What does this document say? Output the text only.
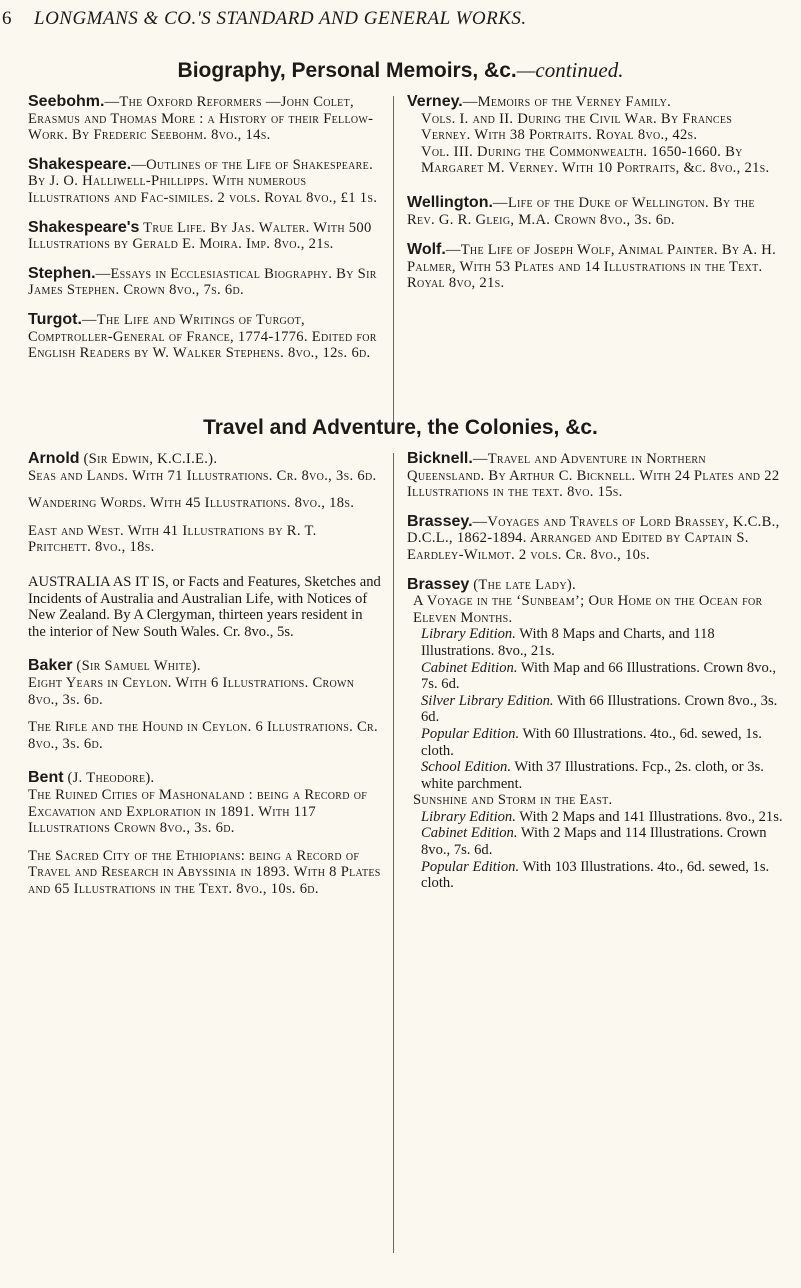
6 LONGMANS & CO.'S STANDARD AND GENERAL WORKS.
Biography, Personal Memoirs, &c.—continued.

Seebohm.—The Oxford Reformers —John Colet, Erasmus and Thomas More : a History of their Fellow-Work. By Frederic Seebohm. 8vo., 14s.

Shakespeare.—Outlines of the Life of Shakespeare. By J. O. Halliwell-Phillipps. With numerous Illustrations and Fac-similes. 2 vols. Royal 8vo., £1 1s.

Shakespeare's True Life. By Jas. Walter. With 500 Illustrations by Gerald E. Moira. Imp. 8vo., 21s.

Stephen.—Essays in Ecclesiastical Biography. By Sir James Stephen. Crown 8vo., 7s. 6d.

Turgot.—The Life and Writings of Turgot, Comptroller-General of France, 1774-1776. Edited for English Readers by W. Walker Stephens. 8vo., 12s. 6d.

Verney.—Memoirs of the Verney Family.

Vols. I. and II. During the Civil War. By Frances Verney. With 38 Portraits. Royal 8vo., 42s.

Vol. III. During the Commonwealth. 1650-1660. By Margaret M. Verney. With 10 Portraits, &c. 8vo., 21s.

Wellington.—Life of the Duke of Wellington. By the Rev. G. R. Gleig, M.A. Crown 8vo., 3s. 6d.

Wolf.—The Life of Joseph Wolf, Animal Painter. By A. H. Palmer, With 53 Plates and 14 Illustrations in the Text. Royal 8vo, 21s.

Travel and Adventure, the Colonies, &c.

Arnold (Sir Edwin, K.C.I.E.).

Seas and Lands. With 71 Illustrations. Cr. 8vo., 3s. 6d.

Wandering Words. With 45 Illustrations. 8vo., 18s.

East and West. With 41 Illustrations by R. T. Pritchett. 8vo., 18s.

AUSTRALIA AS IT IS, or Facts and Features, Sketches and Incidents of Australia and Australian Life, with Notices of New Zealand. By A Clergyman, thirteen years resident in the interior of New South Wales. Cr. 8vo., 5s.

Baker (Sir Samuel White).

Eight Years in Ceylon. With 6 Illustrations. Crown 8vo., 3s. 6d.

The Rifle and the Hound in Ceylon. 6 Illustrations. Cr. 8vo., 3s. 6d.

Bent (J. Theodore).

The Ruined Cities of Mashonaland : being a Record of Excavation and Exploration in 1891. With 117 Illustrations Crown 8vo., 3s. 6d.

The Sacred City of the Ethiopians: being a Record of Travel and Research in Abyssinia in 1893. With 8 Plates and 65 Illustrations in the Text. 8vo., 10s. 6d.

Bicknell.—Travel and Adventure in Northern Queensland. By Arthur C. Bicknell. With 24 Plates and 22 Illustrations in the text. 8vo. 15s.

Brassey.—Voyages and Travels of Lord Brassey, K.C.B., D.C.L., 1862-1894. Arranged and Edited by Captain S. Eardley-Wilmot. 2 vols. Cr. 8vo., 10s.

Brassey (The late Lady).

A Voyage in the ‘Sunbeam’; Our Home on the Ocean for Eleven Months.

Library Edition. With 8 Maps and Charts, and 118 Illustrations. 8vo., 21s.

Cabinet Edition. With Map and 66 Illustrations. Crown 8vo., 7s. 6d.

Silver Library Edition. With 66 Illustrations. Crown 8vo., 3s. 6d.

Popular Edition. With 60 Illustrations. 4to., 6d. sewed, 1s. cloth.

School Edition. With 37 Illustrations. Fcp., 2s. cloth, or 3s. white parchment.

Sunshine and Storm in the East.

Library Edition. With 2 Maps and 141 Illustrations. 8vo., 21s.

Cabinet Edition. With 2 Maps and 114 Illustrations. Crown 8vo., 7s. 6d.

Popular Edition. With 103 Illustrations. 4to., 6d. sewed, 1s. cloth.
